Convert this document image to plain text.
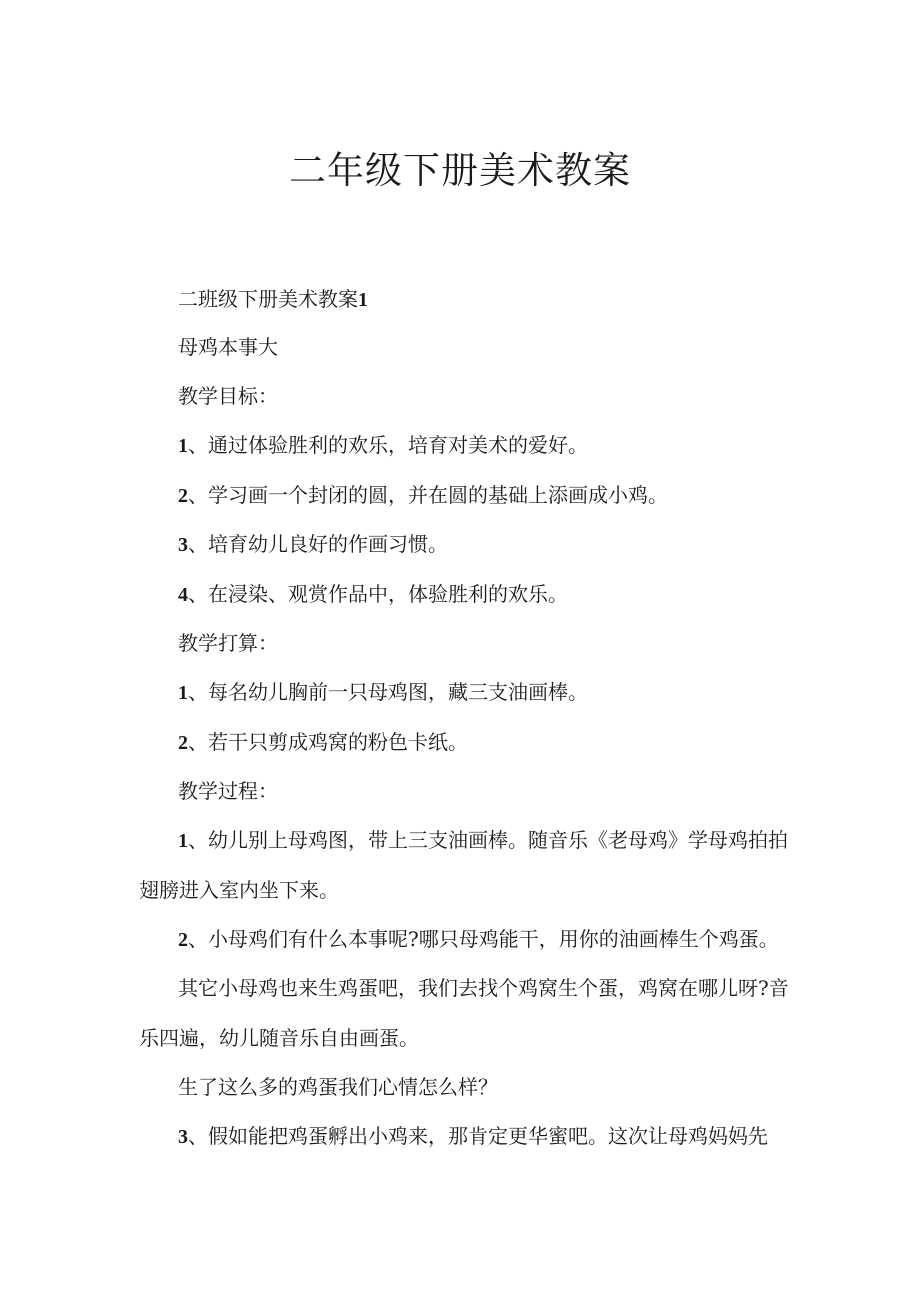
二年级下册美术教案

二班级下册美术教案1

母鸡本事大

教学目标：

1、通过体验胜利的欢乐，培育对美术的爱好。

2、学习画一个封闭的圆，并在圆的基础上添画成小鸡。

3、培育幼儿良好的作画习惯。

4、在浸染、观赏作品中，体验胜利的欢乐。

教学打算：

1、每名幼儿胸前一只母鸡图，藏三支油画棒。

2、若干只剪成鸡窝的粉色卡纸。

教学过程：

1、幼儿别上母鸡图，带上三支油画棒。随音乐《老母鸡》学母鸡拍拍

翅膀进入室内坐下来。

2、小母鸡们有什么本事呢?哪只母鸡能干，用你的油画棒生个鸡蛋。

其它小母鸡也来生鸡蛋吧，我们去找个鸡窝生个蛋，鸡窝在哪儿呀?音

乐四遍，幼儿随音乐自由画蛋。

生了这么多的鸡蛋我们心情怎么样？

3、假如能把鸡蛋孵出小鸡来，那肯定更华蜜吧。这次让母鸡妈妈先
